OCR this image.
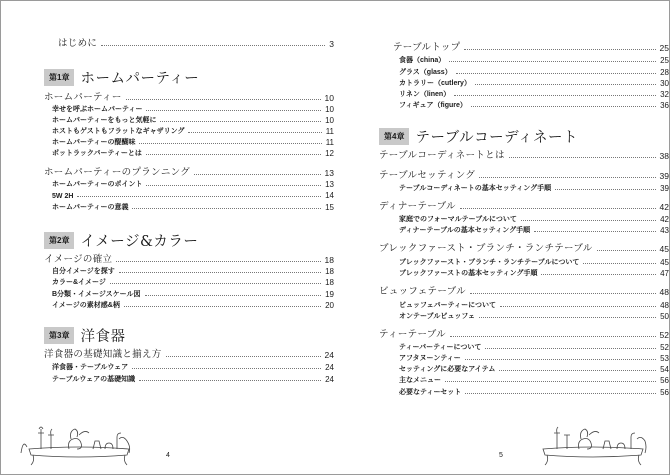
はじめに	3
第1章 ホームパーティー
ホームパーティー	10
幸せを呼ぶホームパーティー	10
ホームパーティーをもっと気軽に	10
ホストもゲストもフラットなギャザリング	11
ホームパーティーの醍醐味	11
ポットラックパーティーとは	12
ホームパーティーのプランニング	13
ホームパーティーのポイント	13
5W 2H	14
ホームパーティーの意義	15
第2章 イメージ&カラー
イメージの確立	18
自分イメージを探す	18
カラー&イメージ	18
B分類・イメージスケール図	19
イメージの素材感&柄	20
第3章 洋食器
洋食器の基礎知識と揃え方	24
洋食器・テーブルウェア	24
テーブルウェアの基礎知識	24
4
テーブルトップ	25
食器（china）	25
グラス（glass）	28
カトラリー（cutlery）	30
リネン（linen）	32
フィギュア（figure）	36
第4章 テーブルコーディネート
テーブルコーディネートとは	38
テーブルセッティング	39
テーブルコーディネートの基本セッティング手順	39
ディナーテーブル	42
家庭でのフォーマルテーブルについて	42
ディナーテーブルの基本セッティング手順	43
ブレックファースト・ブランチ・ランチテーブル	45
ブレックファースト・ブランチ・ランチテーブルについて	45
ブレックファーストの基本セッティング手順	47
ビュッフェテーブル	48
ビュッフェパーティーについて	48
オンテーブルビュッフェ	50
ティーテーブル	52
ティーパーティーについて	52
アフタヌーンティー	53
セッティングに必要なアイテム	54
主なメニュー	56
必要なティーセット	56
5
